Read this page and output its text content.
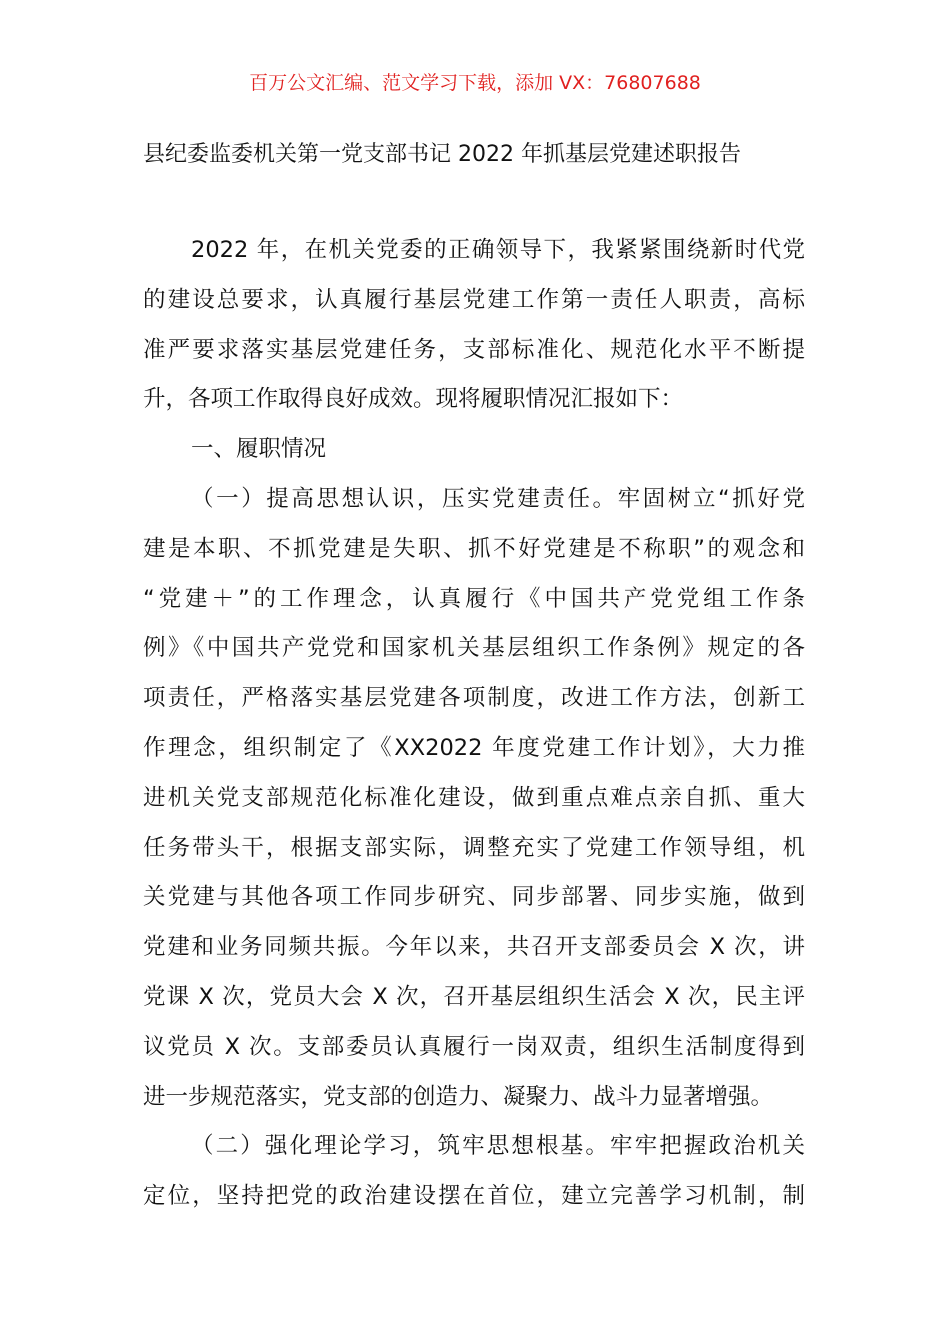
百万公文汇编、范文学习下载，添加 VX：76807688
县纪委监委机关第一党支部书记 2022 年抓基层党建述职报告
2022 年，在机关党委的正确领导下，我紧紧围绕新时代党
的建设总要求，认真履行基层党建工作第一责任人职责，高标
准严要求落实基层党建任务，支部标准化、规范化水平不断提
升，各项工作取得良好成效。现将履职情况汇报如下：
一、履职情况
（一）提高思想认识，压实党建责任。牢固树立“抓好党
建是本职、不抓党建是失职、抓不好党建是不称职”的观念和
“党建＋”的工作理念，认真履行《中国共产党党组工作条
例》《中国共产党党和国家机关基层组织工作条例》规定的各
项责任，严格落实基层党建各项制度，改进工作方法，创新工
作理念，组织制定了《XX2022 年度党建工作计划》，大力推
进机关党支部规范化标准化建设，做到重点难点亲自抓、重大
任务带头干，根据支部实际，调整充实了党建工作领导组，机
关党建与其他各项工作同步研究、同步部署、同步实施，做到
党建和业务同频共振。今年以来，共召开支部委员会 X 次，讲
党课 X 次，党员大会 X 次，召开基层组织生活会 X 次，民主评
议党员 X 次。支部委员认真履行一岗双责，组织生活制度得到
进一步规范落实，党支部的创造力、凝聚力、战斗力显著增强。
（二）强化理论学习，筑牢思想根基。牢牢把握政治机关
定位，坚持把党的政治建设摆在首位，建立完善学习机制，制
